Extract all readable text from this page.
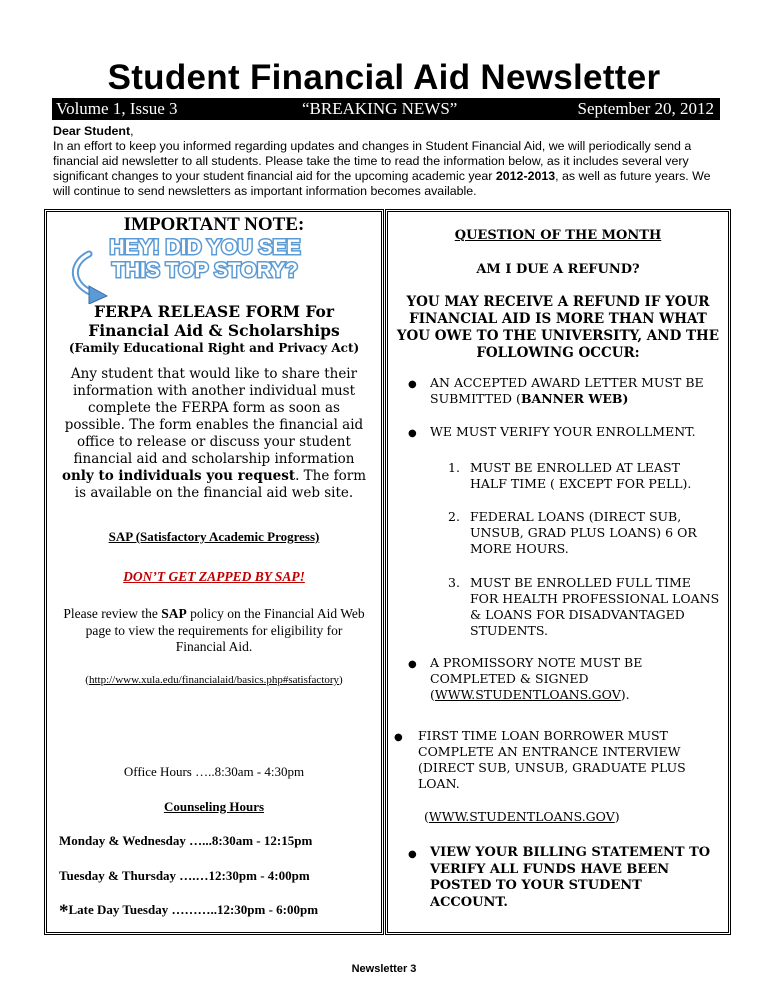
Student Financial Aid Newsletter
Volume 1, Issue 3	“BREAKING NEWS”	September 20, 2012

Dear Student,
In an effort to keep you informed regarding updates and changes in Student Financial Aid, we will periodically send a financial aid newsletter to all students. Please take the time to read the information below, as it includes several very significant changes to your student financial aid for the upcoming academic year 2012-2013, as well as future years. We will continue to send newsletters as important information becomes available.

IMPORTANT NOTE:

HEY! DID YOU SEE
THIS TOP STORY?

FERPA RELEASE FORM For
Financial Aid & Scholarships

(Family Educational Right and Privacy Act)

Any student that would like to share their information with another individual must complete the FERPA form as soon as possible. The form enables the financial aid office to release or discuss your student financial aid and scholarship information only to individuals you request. The form is available on the financial aid web site.

SAP (Satisfactory Academic Progress)

DON’T GET ZAPPED BY SAP!

Please review the SAP policy on the Financial Aid Web page to view the requirements for eligibility for Financial Aid.

(http://www.xula.edu/financialaid/basics.php#satisfactory)

Office Hours …..8:30am - 4:30pm

Counseling Hours

Monday & Wednesday …...8:30am - 12:15pm

Tuesday & Thursday ….…12:30pm - 4:00pm

*Late Day Tuesday ………..12:30pm - 6:00pm

QUESTION OF THE MONTH

AM I DUE A REFUND?

YOU MAY RECEIVE A REFUND IF YOUR FINANCIAL AID IS MORE THAN WHAT YOU OWE TO THE UNIVERSITY, AND THE FOLLOWING OCCUR:

● AN ACCEPTED AWARD LETTER MUST BE SUBMITTED (BANNER WEB)

● WE MUST VERIFY YOUR ENROLLMENT.

1. MUST BE ENROLLED AT LEAST HALF TIME ( EXCEPT FOR PELL).

2. FEDERAL LOANS (DIRECT SUB, UNSUB, GRAD PLUS LOANS) 6 OR MORE HOURS.

3. MUST BE ENROLLED FULL TIME FOR HEALTH PROFESSIONAL LOANS & LOANS FOR DISADVANTAGED STUDENTS.

● A PROMISSORY NOTE MUST BE COMPLETED & SIGNED
(WWW.STUDENTLOANS.GOV).

● FIRST TIME LOAN BORROWER MUST COMPLETE AN ENTRANCE INTERVIEW (DIRECT SUB, UNSUB, GRADUATE PLUS LOAN.

(WWW.STUDENTLOANS.GOV)

● VIEW YOUR BILLING STATEMENT TO VERIFY ALL FUNDS HAVE BEEN POSTED TO YOUR STUDENT ACCOUNT.

Newsletter 3
